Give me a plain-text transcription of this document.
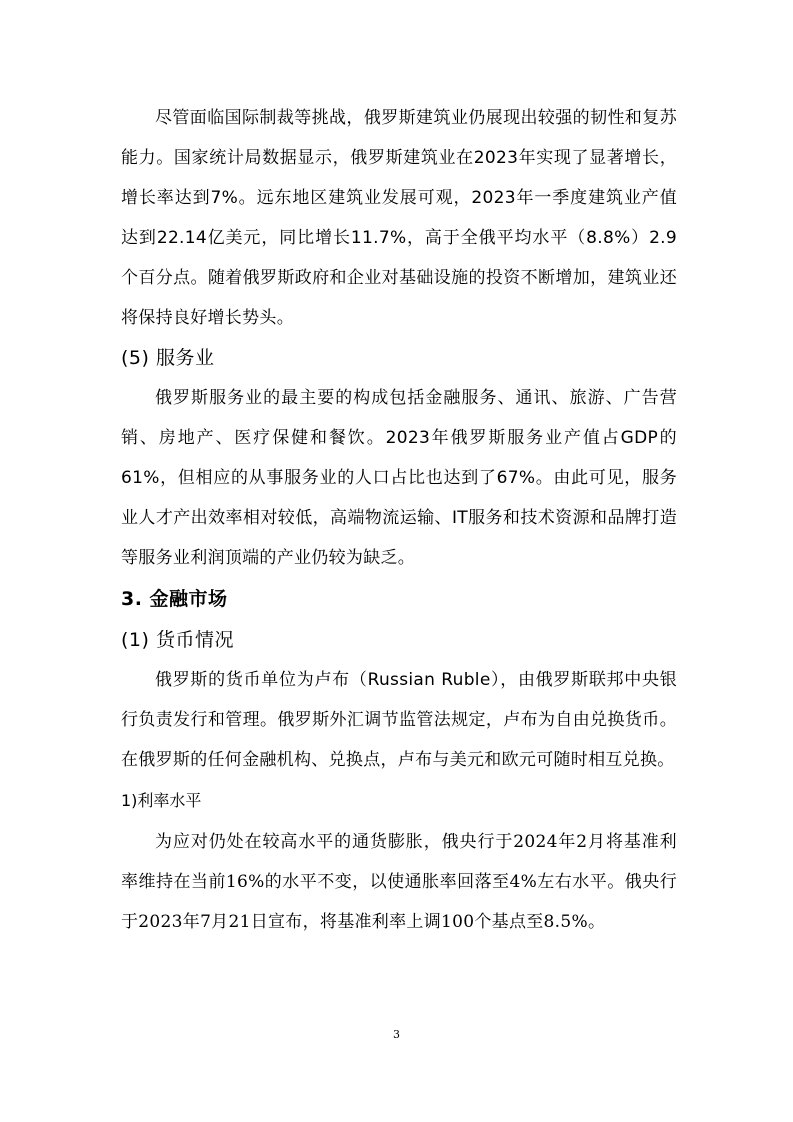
尽管面临国际制裁等挑战，俄罗斯建筑业仍展现出较强的韧性和复苏能力。国家统计局数据显示，俄罗斯建筑业在2023年实现了显著增长，增长率达到7%。远东地区建筑业发展可观，2023年一季度建筑业产值达到22.14亿美元，同比增长11.7%，高于全俄平均水平（8.8%）2.9个百分点。随着俄罗斯政府和企业对基础设施的投资不断增加，建筑业还将保持良好增长势头。

(5) 服务业

俄罗斯服务业的最主要的构成包括金融服务、通讯、旅游、广告营销、房地产、医疗保健和餐饮。2023年俄罗斯服务业产值占GDP的61%，但相应的从事服务业的人口占比也达到了67%。由此可见，服务业人才产出效率相对较低，高端物流运输、IT服务和技术资源和品牌打造等服务业利润顶端的产业仍较为缺乏。

3. 金融市场

(1) 货币情况

俄罗斯的货币单位为卢布（Russian Ruble），由俄罗斯联邦中央银行负责发行和管理。俄罗斯外汇调节监管法规定，卢布为自由兑换货币。在俄罗斯的任何金融机构、兑换点，卢布与美元和欧元可随时相互兑换。

1)利率水平

为应对仍处在较高水平的通货膨胀，俄央行于2024年2月将基准利率维持在当前16%的水平不变，以使通胀率回落至4%左右水平。俄央行于2023年7月21日宣布，将基准利率上调100个基点至8.5%。

3
